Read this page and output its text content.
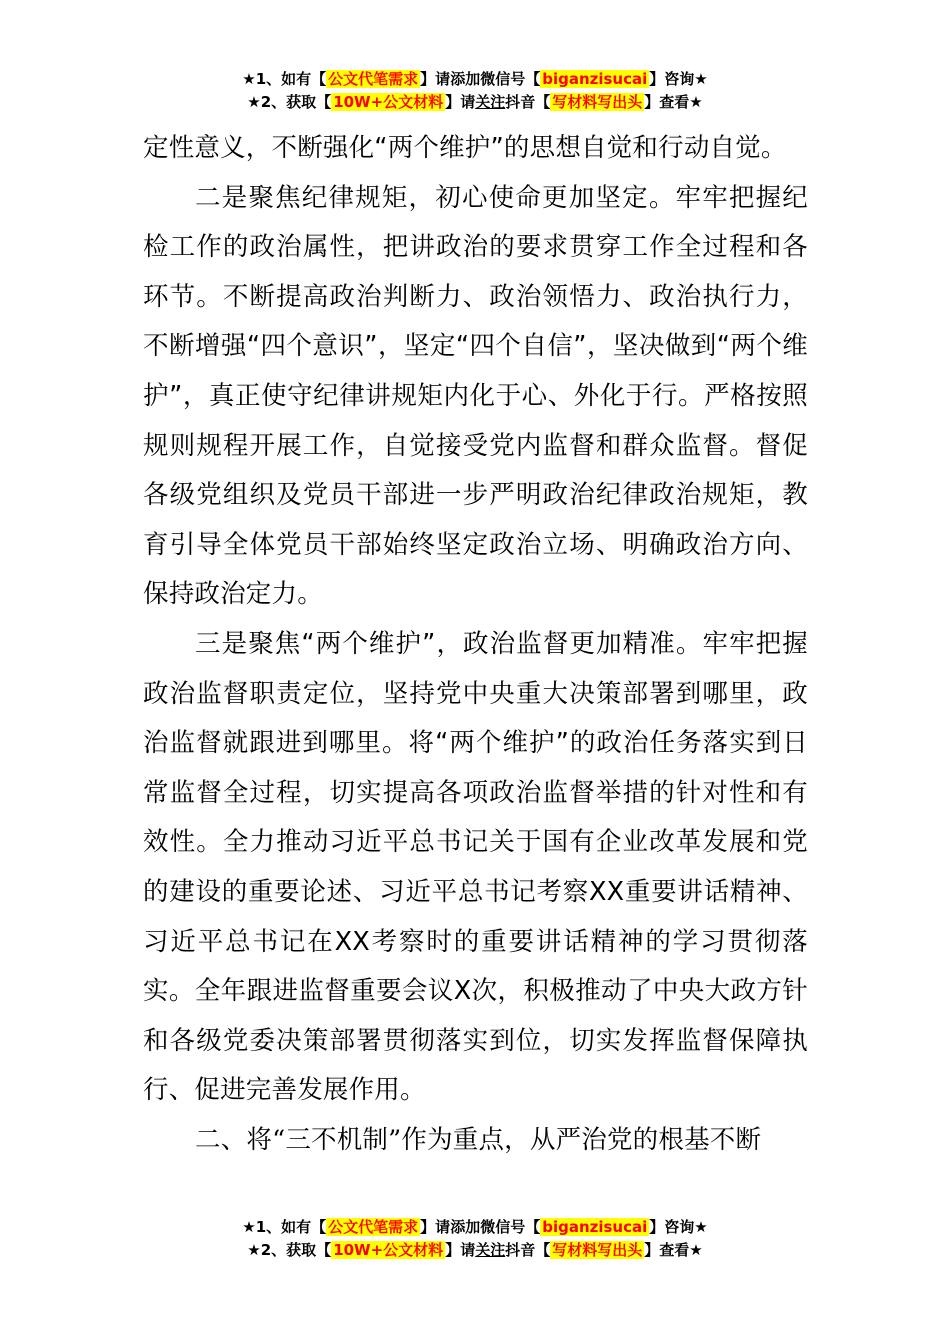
★1、如有【 公文代笔需求 】请添加微信号【 biganzisucai 】咨询★
★2、获取【 10W+公文材料 】请关注抖音【 写材料写出头 】查看★

定性意义，不断强化“两个维护”的思想自觉和行动自觉。

二是聚焦纪律规矩，初心使命更加坚定。牢牢把握纪检工作的政治属性，把讲政治的要求贯穿工作全过程和各环节。不断提高政治判断力、政治领悟力、政治执行力，不断增强“四个意识”，坚定“四个自信”，坚决做到“两个维护”，真正使守纪律讲规矩内化于心、外化于行。严格按照规则规程开展工作，自觉接受党内监督和群众监督。督促各级党组织及党员干部进一步严明政治纪律政治规矩，教育引导全体党员干部始终坚定政治立场、明确政治方向、保持政治定力。

三是聚焦“两个维护”，政治监督更加精准。牢牢把握政治监督职责定位，坚持党中央重大决策部署到哪里，政治监督就跟进到哪里。将“两个维护”的政治任务落实到日常监督全过程，切实提高各项政治监督举措的针对性和有效性。全力推动习近平总书记关于国有企业改革发展和党的建设的重要论述、习近平总书记考察XX重要讲话精神、习近平总书记在XX考察时的重要讲话精神的学习贯彻落实。全年跟进监督重要会议X次，积极推动了中央大政方针和各级党委决策部署贯彻落实到位，切实发挥监督保障执行、促进完善发展作用。

二、将“三不机制”作为重点，从严治党的根基不断

★1、如有【 公文代笔需求 】请添加微信号【 biganzisucai 】咨询★
★2、获取【 10W+公文材料 】请关注抖音【 写材料写出头 】查看★
